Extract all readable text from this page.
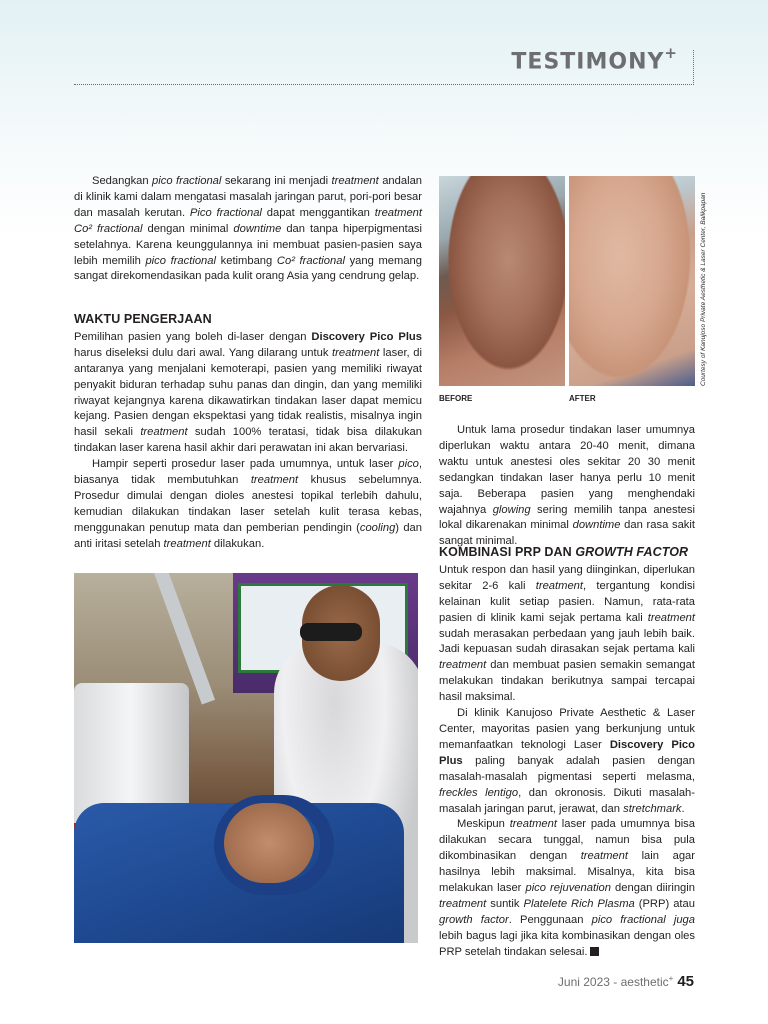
TESTIMONY+

Sedangkan pico fractional sekarang ini menjadi treatment andalan di klinik kami dalam mengatasi masalah jaringan parut, pori-pori besar dan masalah kerutan. Pico fractional dapat menggantikan treatment Co² fractional dengan minimal downtime dan tanpa hiperpigmentasi setelahnya. Karena keunggulannya ini membuat pasien-pasien saya lebih memilih pico fractional ketimbang Co² fractional yang memang sangat direkomendasikan pada kulit orang Asia yang cendrung gelap.

WAKTU PENGERJAAN

Pemilihan pasien yang boleh di-laser dengan Discovery Pico Plus harus diseleksi dulu dari awal. Yang dilarang untuk treatment laser, di antaranya yang menjalani kemoterapi, pasien yang memiliki riwayat penyakit biduran terhadap suhu panas dan dingin, dan yang memiliki riwayat kejangnya karena dikawatirkan tindakan laser dapat memicu kejang. Pasien dengan ekspektasi yang tidak realistis, misalnya ingin hasil sekali treatment sudah 100% teratasi, tidak bisa dilakukan tindakan laser karena hasil akhir dari perawatan ini akan bervariasi.

Hampir seperti prosedur laser pada umumnya, untuk laser pico, biasanya tidak membutuhkan treatment khusus sebelumnya. Prosedur dimulai dengan dioles anestesi topikal terlebih dahulu, kemudian dilakukan tindakan laser setelah kulit terasa kebas, menggunakan penutup mata dan pemberian pendingin (cooling) dan anti iritasi setelah treatment dilakukan.

BEFORE	AFTER
Courtesy of Kanujoso Private Aesthetic & Laser Center, Balikpapan

Untuk lama prosedur tindakan laser umumnya diperlukan waktu antara 20-40 menit, dimana waktu untuk anestesi oles sekitar 20 30 menit sedangkan tindakan laser hanya perlu 10 menit saja. Beberapa pasien yang menghendaki wajahnya glowing sering memilih tanpa anestesi lokal dikarenakan minimal downtime dan rasa sakit sangat minimal.

KOMBINASI PRP DAN GROWTH FACTOR

Untuk respon dan hasil yang diinginkan, diperlukan sekitar 2-6 kali treatment, tergantung kondisi kelainan kulit setiap pasien. Namun, rata-rata pasien di klinik kami sejak pertama kali treatment sudah merasakan perbedaan yang jauh lebih baik. Jadi kepuasan sudah dirasakan sejak pertama kali treatment dan membuat pasien semakin semangat melakukan tindakan berikutnya sampai tercapai hasil maksimal.

Di klinik Kanujoso Private Aesthetic & Laser Center, mayoritas pasien yang berkunjung untuk memanfaatkan teknologi Laser Discovery Pico Plus paling banyak adalah pasien dengan masalah-masalah pigmentasi seperti melasma, freckles lentigo, dan okronosis. Dikuti masalah-masalah jaringan parut, jerawat, dan stretchmark.

Meskipun treatment laser pada umumnya bisa dilakukan secara tunggal, namun bisa pula dikombinasikan dengan treatment lain agar hasilnya lebih maksimal. Misalnya, kita bisa melakukan laser pico rejuvenation dengan diiringin treatment suntik Platelete Rich Plasma (PRP) atau growth factor. Penggunaan pico fractional juga lebih bagus lagi jika kita kombinasikan dengan oles PRP setelah tindakan selesai.

Juni 2023 - aesthetic+ 45
